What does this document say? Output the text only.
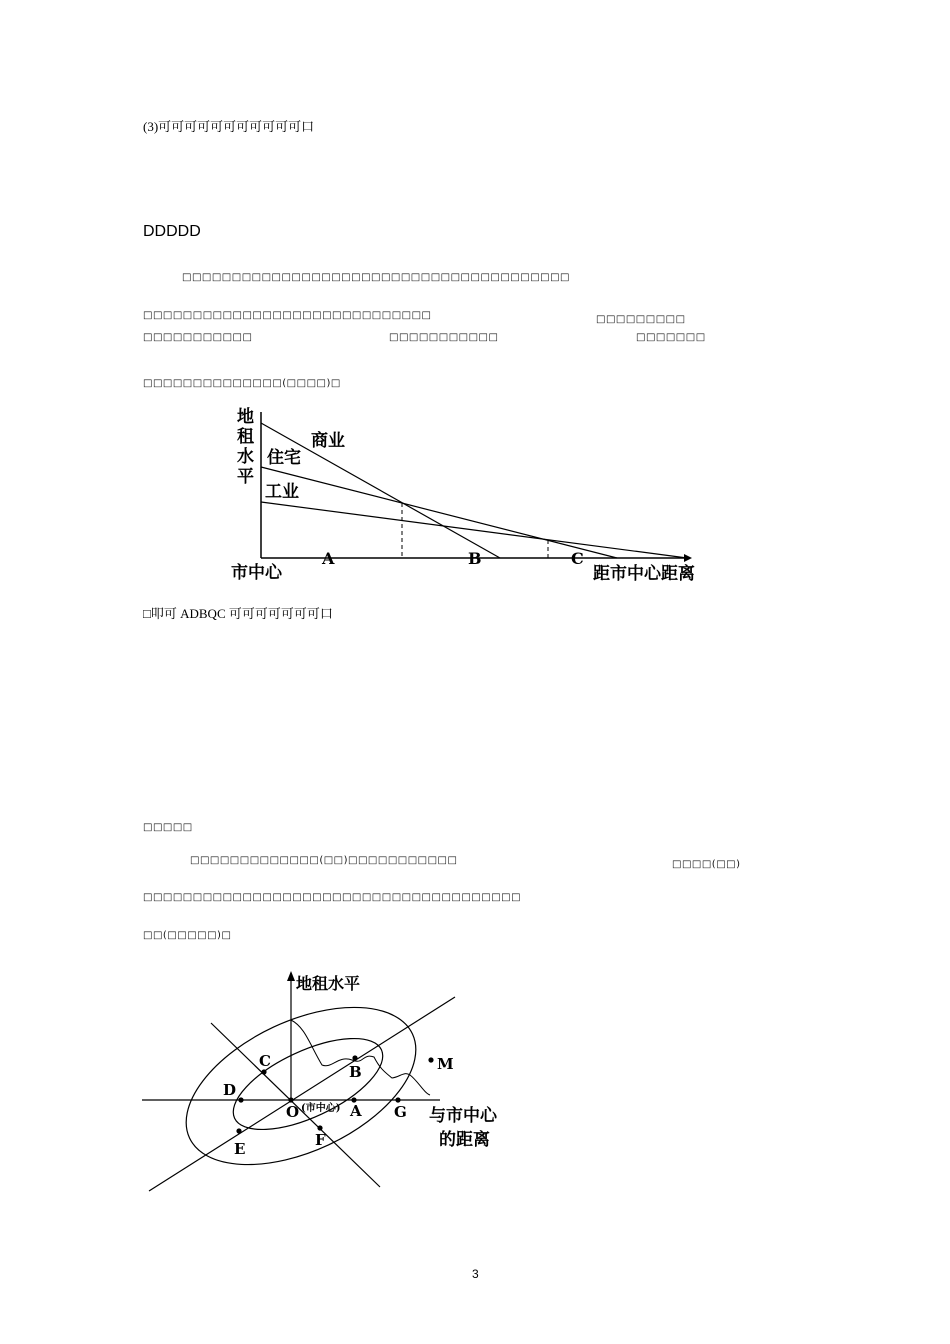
(3)可可可可可可可可可可可口
DDDDD
□□□□□□□□□□□□□□□□□□□□□□□□□□□□□□□□□□□□□□□
□□□□□□□□□□□□□□□□□□□□□□□□□□□□□	□□□□□□□□□
□□□□□□□□□□□	□□□□□□□□□□□	□□□□□□□
□□□□□□□□□□□□□□(□□□□)□
地
租
水
平
商业
住宅
工业
市中心
A	B	C
距市中心距离
□叩可 ADBQC 可可可可可可可口
□□□□□
□□□□□□□□□□□□□(□□)□□□□□□□□□□□	□□□□(□□)
□□□□□□□□□□□□□□□□□□□□□□□□□□□□□□□□□□□□□□
□□(□□□□□)□
地租水平
O	A G
B
C
D
E	F
M
(市中心)	与市中心
的距离
3
